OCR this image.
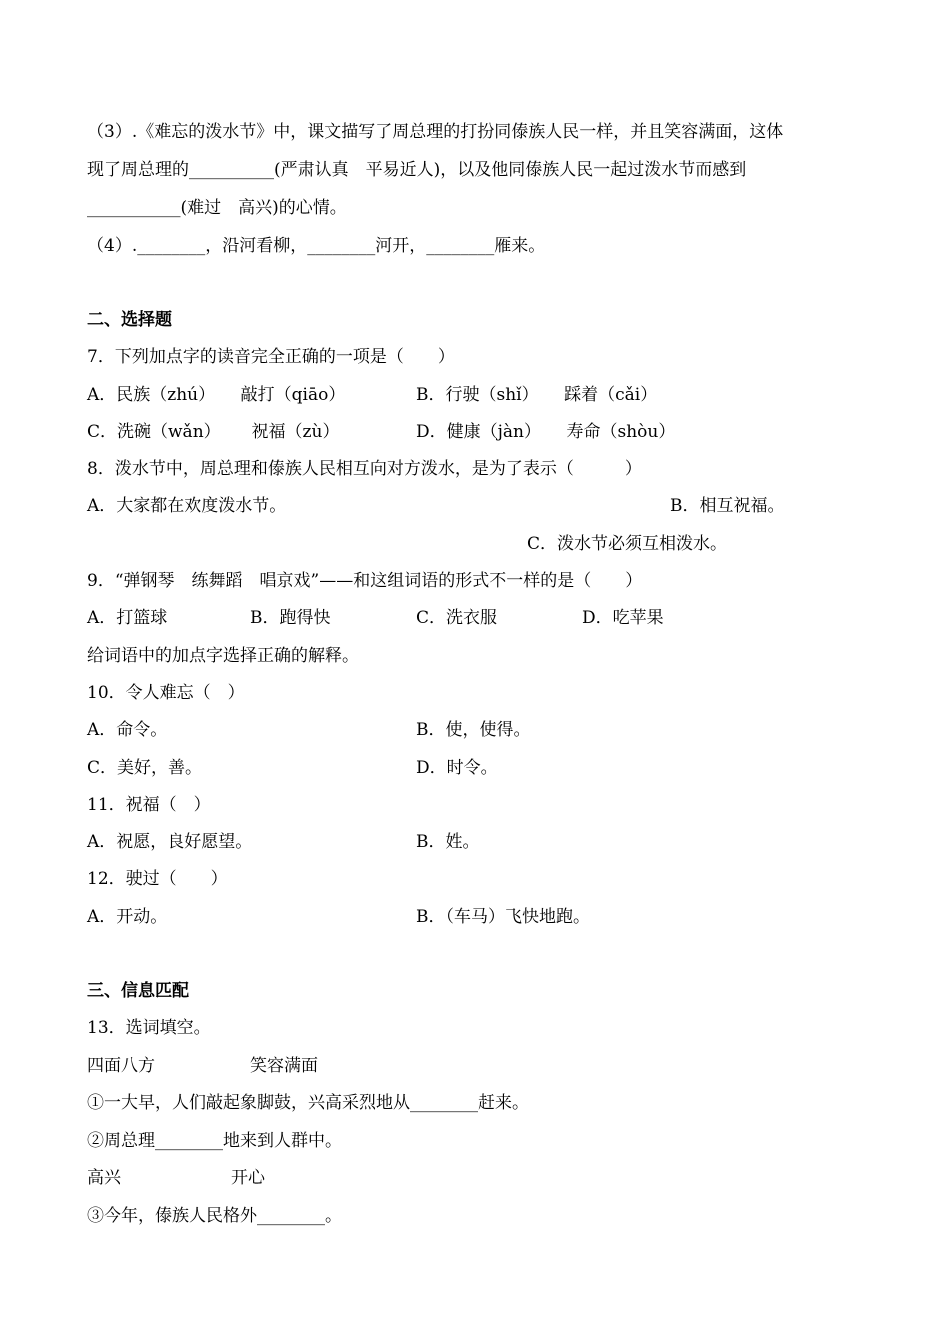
（3）.《难忘的泼水节》中，课文描写了周总理的打扮同傣族人民一样，并且笑容满面，这体
现了周总理的__________(严肃认真　平易近人)，以及他同傣族人民一起过泼水节而感到
___________(难过　高兴)的心情。
（4）.________，沿河看柳，________河开，________雁来。
二、选择题
7．下列加点字的读音完全正确的一项是（　　）
A．民族（zhú）　　敲打（qiāo）	B．行驶（shǐ）　　踩着（cǎi）
C．洗碗（wǎn）　　 祝福（zù）	D．健康（jàn）　　寿命（shòu）
8．泼水节中，周总理和傣族人民相互向对方泼水，是为了表示（　　　）
A．大家都在欢度泼水节。	B．相互祝福。
C．泼水节必须互相泼水。
9．“弹钢琴　练舞蹈　唱京戏”——和这组词语的形式不一样的是（　　）
A．打篮球	B．跑得快	C．洗衣服	D．吃苹果
给词语中的加点字选择正确的解释。
10．令人难忘（　）
A．命令。	B．使，使得。
C．美好，善。	D．时令。
11．祝福（　）
A．祝愿，良好愿望。	B．姓。
12．驶过（　　）
A．开动。	B．（车马）飞快地跑。
三、信息匹配
13．选词填空。
四面八方	笑容满面
①一大早，人们敲起象脚鼓，兴高采烈地从________赶来。
②周总理________地来到人群中。
高兴	开心
③今年，傣族人民格外________。
